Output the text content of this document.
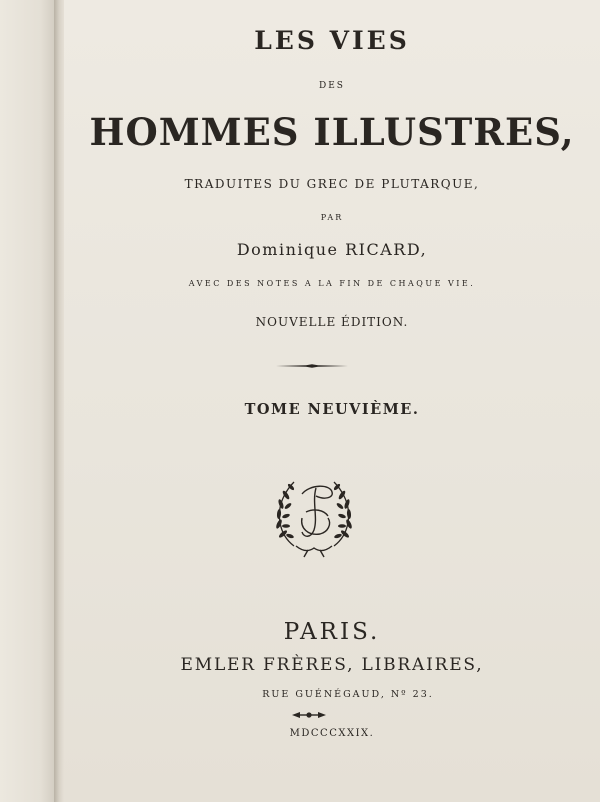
LES VIES
DES
HOMMES ILLUSTRES,
TRADUITES DU GREC DE PLUTARQUE,
PAR
Dominique RICARD,
AVEC DES NOTES A LA FIN DE CHAQUE VIE.
NOUVELLE ÉDITION.
TOME NEUVIÈME.
PARIS.
EMLER FRÈRES, LIBRAIRES,
RUE GUÉNÉGAUD, Nº 23.
MDCCCXXIX.
